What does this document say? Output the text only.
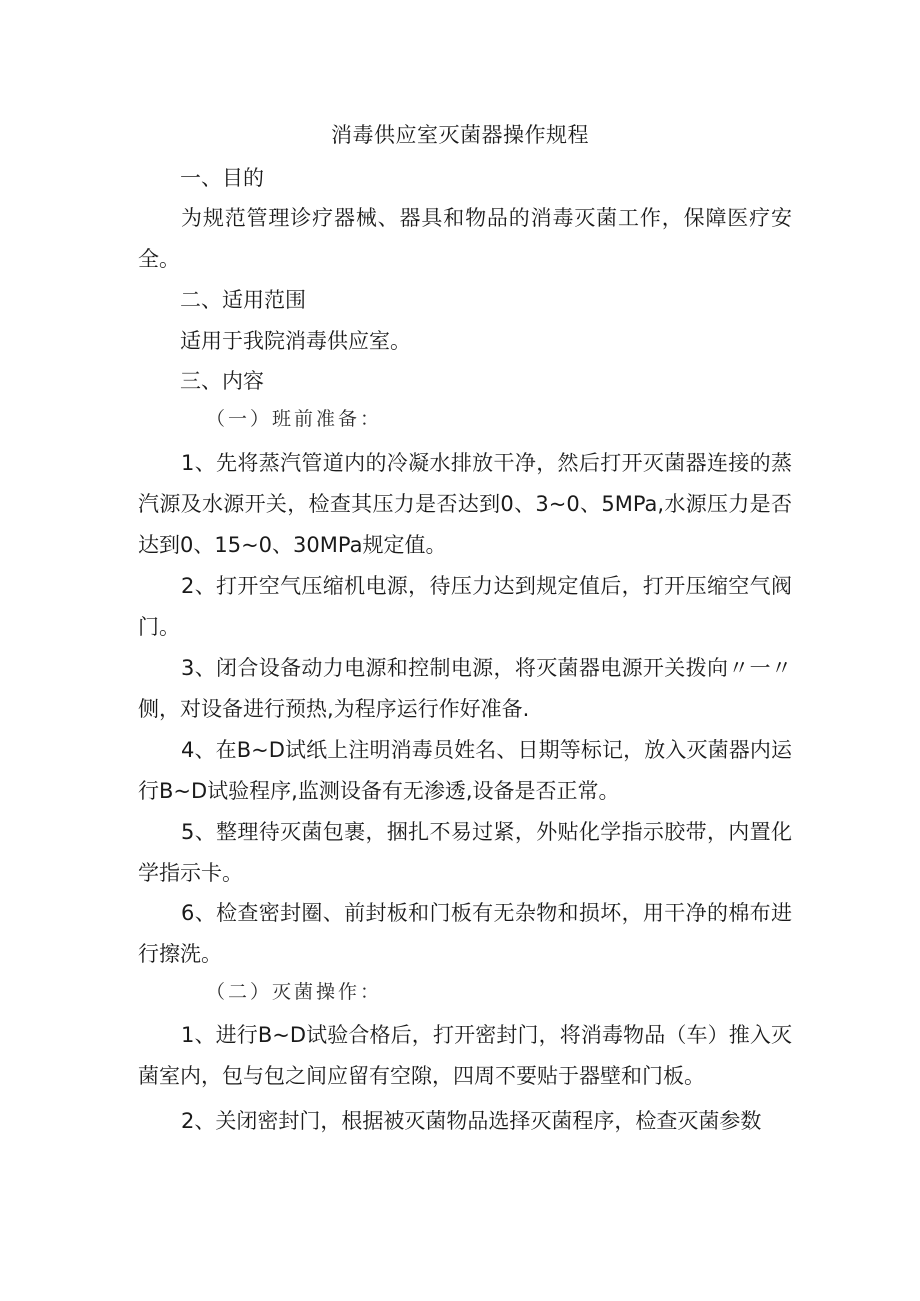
消毒供应室灭菌器操作规程
一、目的
为规范管理诊疗器械、器具和物品的消毒灭菌工作，保障医疗安全。
二、适用范围
适用于我院消毒供应室。
三、内容
（一）班前准备：
1、先将蒸汽管道内的冷凝水排放干净，然后打开灭菌器连接的蒸汽源及水源开关，检查其压力是否达到0、3~0、5MPa,水源压力是否达到0、15~0、30MPa规定值。
2、打开空气压缩机电源，待压力达到规定值后，打开压缩空气阀门。
3、闭合设备动力电源和控制电源，将灭菌器电源开关拨向〃一〃侧，对设备进行预热,为程序运行作好准备.
4、在B~D试纸上注明消毒员姓名、日期等标记，放入灭菌器内运行B~D试验程序,监测设备有无渗透,设备是否正常。
5、整理待灭菌包裹，捆扎不易过紧，外贴化学指示胶带，内置化学指示卡。
6、检查密封圈、前封板和门板有无杂物和损坏，用干净的棉布进行擦洗。
（二）灭菌操作：
1、进行B~D试验合格后，打开密封门，将消毒物品（车）推入灭菌室内，包与包之间应留有空隙，四周不要贴于器壁和门板。
2、关闭密封门，根据被灭菌物品选择灭菌程序，检查灭菌参数
